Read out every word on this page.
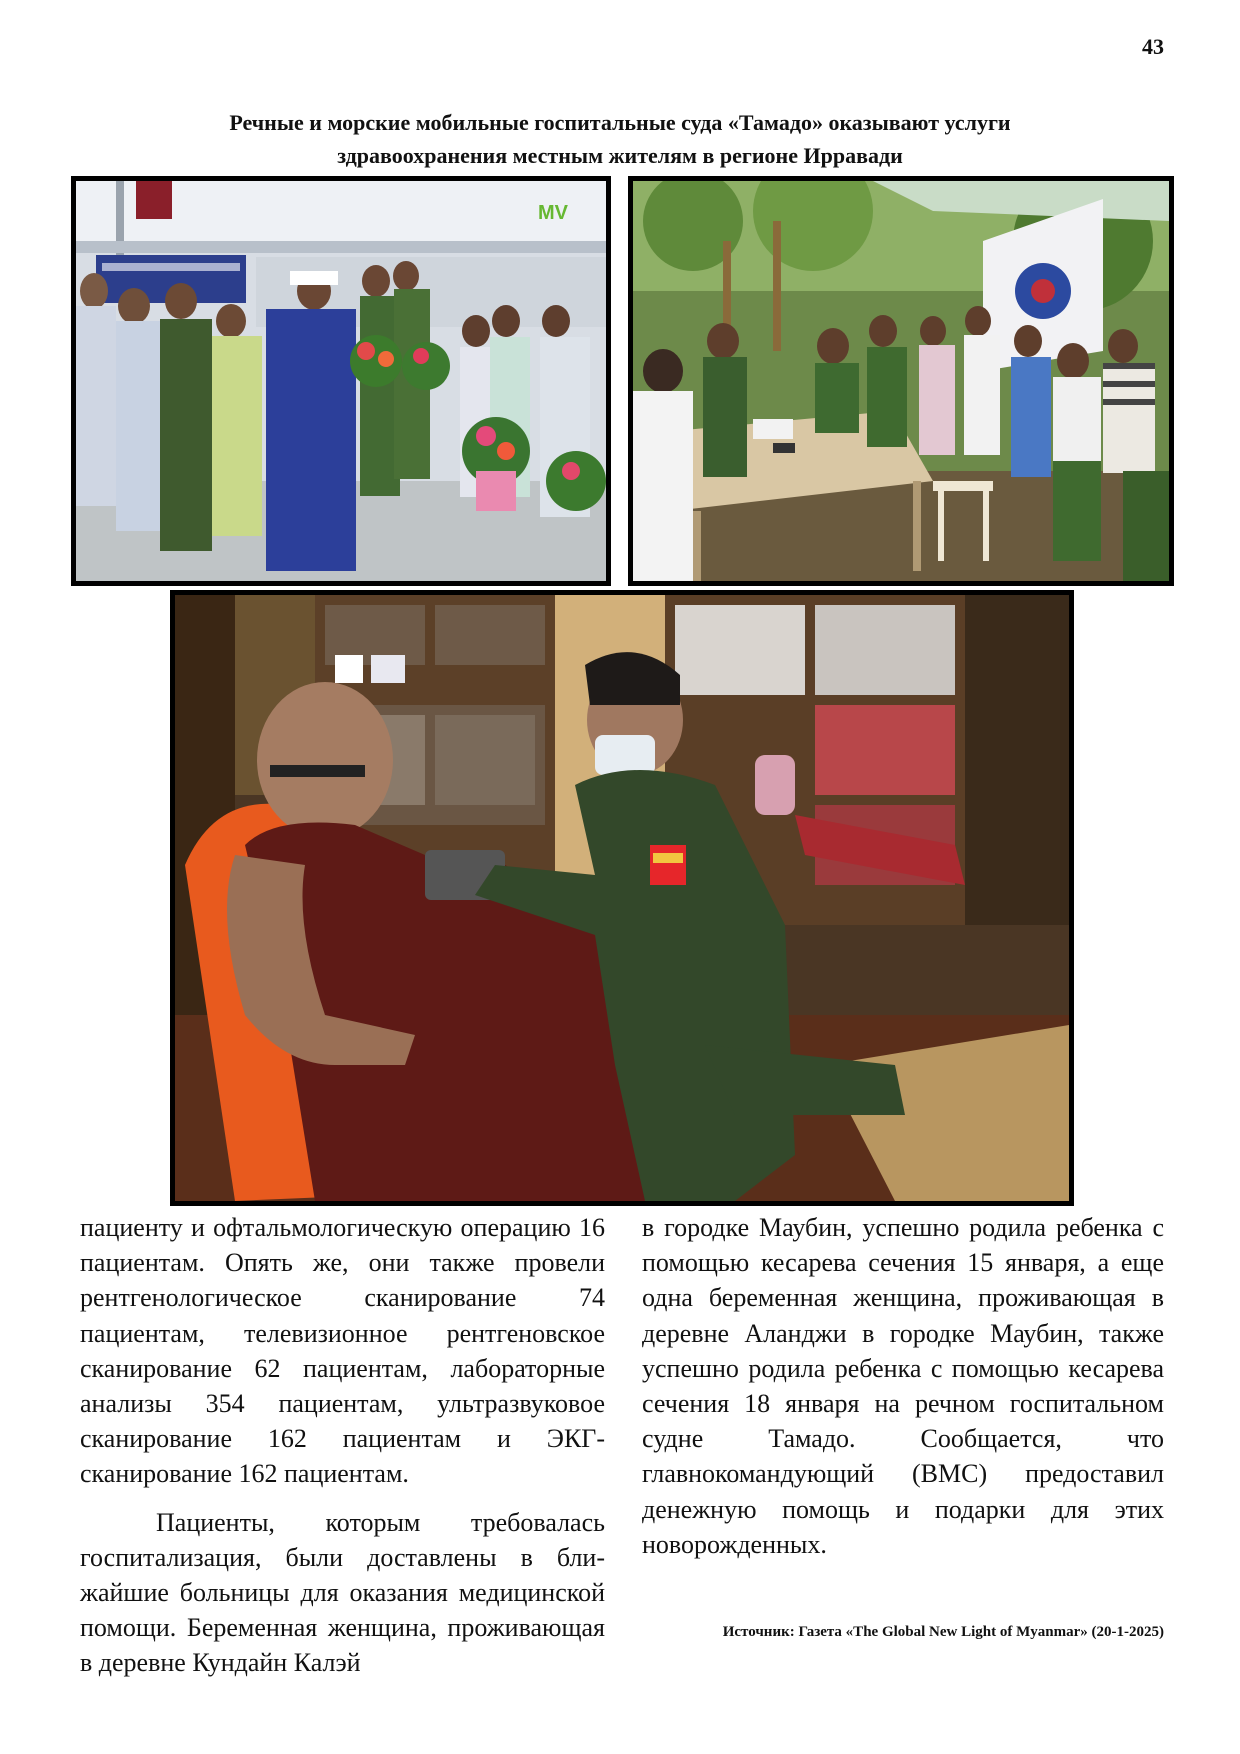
43
Речные и морские мобильные госпитальные суда «Тамадо» оказывают услуги
здравоохранения местным жителям в регионе Ирравади
MV

пациенту и офтальмологическую операцию 16 пациентам. Опять же, они также провели рентгенологическое сканирование 74 пациентам, телевизионное рентгеновское сканирование 62 пациентам, лабораторные анализы 354 пациентам, ультразвуковое сканирование 162 пациентам и ЭКГ-сканирование 162 пациентам.

Пациенты, которым требовалась госпитализация, были доставлены в ближайшие больницы для оказания медицинской помощи. Беременная женщина, проживающая в деревне Кундайн Калэй

в городке Маубин, успешно родила ребенка с помощью кесарева сечения 15 января, а еще одна беременная женщина, проживающая в деревне Аланджи в городке Маубин, также успешно родила ребенка с помощью кесарева сечения 18 января на речном госпитальном судне Тамадо. Сообщается, что главнокомандующий (ВМС) предоставил денежную помощь и подарки для этих новорожденных.

Источник: Газета «The Global New Light of Myanmar» (20-1-2025)
